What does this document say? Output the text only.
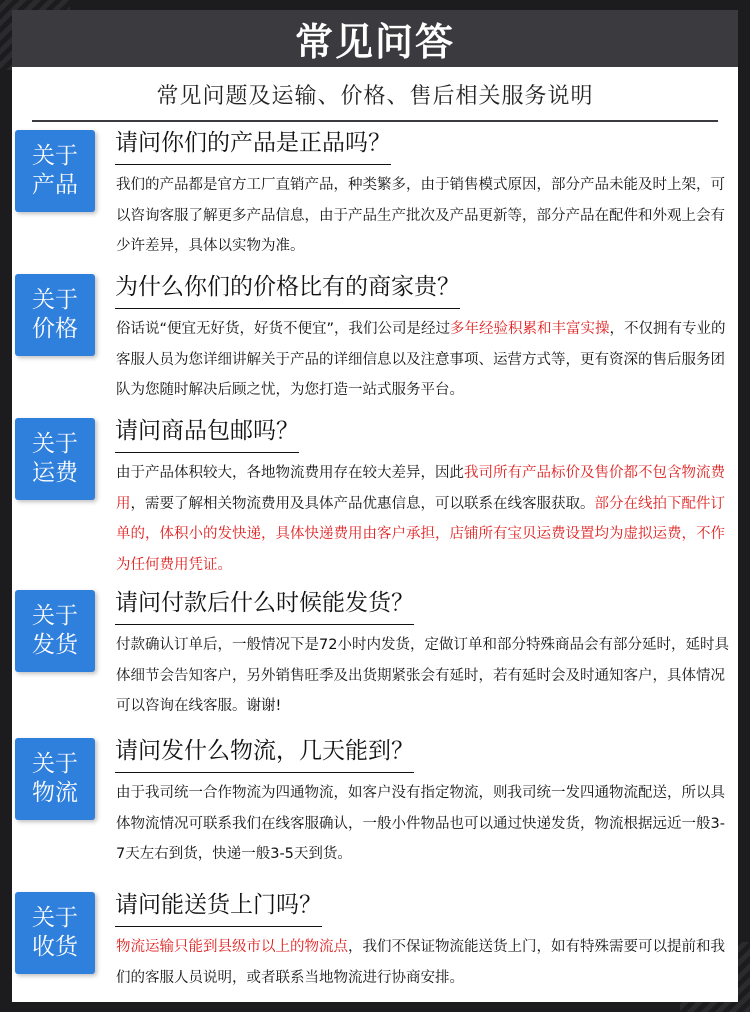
常见问答
常见问题及运输、价格、售后相关服务说明
关于
产品
请问你们的产品是正品吗？
我们的产品都是官方工厂直销产品，种类繁多，由于销售模式原因，部分产品未能及时上架，可以咨询客服了解更多产品信息，由于产品生产批次及产品更新等，部分产品在配件和外观上会有少许差异，具体以实物为准。
关于
价格
为什么你们的价格比有的商家贵？
俗话说“便宜无好货，好货不便宜”，我们公司是经过多年经验积累和丰富实操，不仅拥有专业的客服人员为您详细讲解关于产品的详细信息以及注意事项、运营方式等，更有资深的售后服务团队为您随时解决后顾之忧，为您打造一站式服务平台。
关于
运费
请问商品包邮吗？
由于产品体积较大，各地物流费用存在较大差异，因此我司所有产品标价及售价都不包含物流费用，需要了解相关物流费用及具体产品优惠信息，可以联系在线客服获取。部分在线拍下配件订单的，体积小的发快递，具体快递费用由客户承担，店铺所有宝贝运费设置均为虚拟运费，不作为任何费用凭证。
关于
发货
请问付款后什么时候能发货？
付款确认订单后，一般情况下是72小时内发货，定做订单和部分特殊商品会有部分延时，延时具体细节会告知客户，另外销售旺季及出货期紧张会有延时，若有延时会及时通知客户，具体情况可以咨询在线客服。谢谢!
关于
物流
请问发什么物流，几天能到？
由于我司统一合作物流为四通物流，如客户没有指定物流，则我司统一发四通物流配送，所以具体物流情况可联系我们在线客服确认，一般小件物品也可以通过快递发货，物流根据远近一般3-7天左右到货，快递一般3-5天到货。
关于
收货
请问能送货上门吗？
物流运输只能到县级市以上的物流点，我们不保证物流能送货上门，如有特殊需要可以提前和我们的客服人员说明，或者联系当地物流进行协商安排。
